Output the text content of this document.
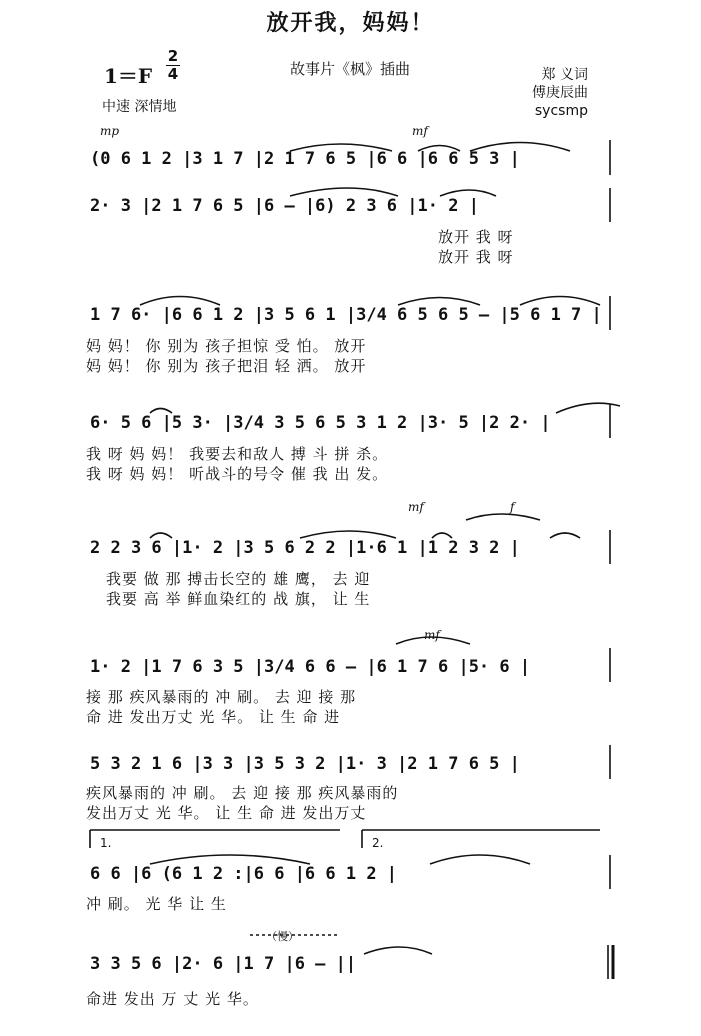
放开我，妈妈！
1＝F
2
4	故事片《枫》插曲	郑 义词
傅庚辰曲
sycsmp
中速 深情地
mp	mf
mf	f
mf
(0 6 1 2 |3 1 7 |2 1 7 6 5 |6 6 |6 6 5 3 |
2· 3 |2 1 7 6 5 |6 — |6) 2 3 6 |1· 2 |
放开 我 呀
放开 我 呀
1 7 6· |6 6 1 2 |3 5 6 1 |3/4 6 5 6 5 — |5 6 1 7 |
妈 妈！ 你 别为 孩子担惊 受 怕。 放开
妈 妈！ 你 别为 孩子把泪 轻 洒。 放开
6· 5 6 |5 3· |3/4 3 5 6 5 3 1 2 |3· 5 |2 2· |
我 呀 妈 妈！ 我要去和敌人 搏 斗 拼 杀。
我 呀 妈 妈！ 听战斗的号令 催 我 出 发。
2 2 3 6 |1· 2 |3 5 6 2 2 |1·6 1 |1 2 3 2 |
我要 做 那 搏击长空的 雄 鹰， 去 迎
我要 高 举 鲜血染红的 战 旗， 让 生
1· 2 |1 7 6 3 5 |3/4 6 6 — |6 1 7 6 |5· 6 |
接 那 疾风暴雨的 冲 刷。 去 迎 接 那
命 进 发出万丈 光 华。 让 生 命 进
5 3 2 1 6 |3 3 |3 5 3 2 |1· 3 |2 1 7 6 5 |
疾风暴雨的 冲 刷。 去 迎 接 那 疾风暴雨的
发出万丈 光 华。 让 生 命 进 发出万丈
1.	2.
6 6 |6 (6 1 2 :|6 6 |6 6 1 2 |
冲 刷。 光 华 让 生
（慢）
3 3 5 6 |2· 6 |1 7 |6 — ||
命进 发出 万 丈 光 华。
